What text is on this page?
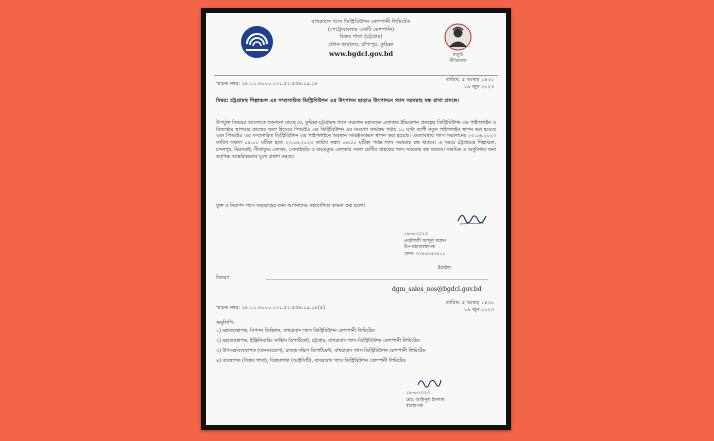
বাখরাবাদ গ্যাস ডিস্ট্রিবিউশন কোম্পানী লিমিটেড
(পেট্রোবাংলার একটি কোম্পানি)
বিক্রয় শাখা (চট্টগ্রাম)
প্রধান কার্যালয়: চাঁপাপুর, কুমিল্লা
www.bgdcl.gov.bd	মজুরি
নীতিমালা
স্মারক নম্বর: ২৮.১১.৩০০০.১০১.৫১.৫৫৬.১৯.১৮
তারিখ: ৫ আষাঢ় ১৪৩০
১৯ জুন ২০২৩
বিষয়: চট্টগ্রামস্থ শিল্পাঞ্চল এর সম্প্রসারিত ডিস্ট্রিবিউশন এর উৎপাদন ছাড়াও উৎপাদনে গ্যাস সরবরাহ বন্ধ রাখা প্রসঙ্গে।
উপর্যুক্ত বিষয়ের আলোকে জানানো যাচ্ছে যে, কুমিল্লা-চট্টগ্রামস্থ গ্যাস সঞ্চালন মহাসড়ক এলাকার ইভিকেশন প্রকল্পের ডিস্ট্রিবিউশন এর পাইপলাইন ও রিজার্ভার স্থাপনের কাজের অংশ হিসেবে পিআইএ এর ডিস্ট্রিবিউশন এর সংযোগ কার্যক্রম পর্যায় ১০ ঘণ্টা ব্যাপী নতুন পাইপলাইন স্থাপন করা হয়েছে এবং পিআইএ এর সম্প্রসারিত ডিস্ট্রিবিউশন এর পাইপলাইনে অবস্থান সামঞ্জস্যকরণ স্থাপন করা হয়েছে। এমতাবস্থায় গ্যাস সঞ্চালনের ২৩.০৬.২০২৩ তারিখ সকাল ০৯:০০ ঘটিকা হতে ২৩.০৬.২০২৩ তারিখ সন্ধ্যা ০৬:০০ ঘটিকা পর্যন্ত গ্যাস সরবরাহ বন্ধ থাকবে। এ সময়ে চট্টগ্রামের শিল্পাঞ্চল, চন্দনপুর, মিরসরাই, সীতাকুণ্ড এলাকা, সোনাইছড়ি ও বাড়বকুণ্ড এলাকায় সকল শ্রেণীর গ্রাহকের গ্যাস সরবরাহ বন্ধ থাকবে। সাময়িক এ অসুবিধার জন্য কর্তৃপক্ষ আন্তরিকভাবে দুঃখ প্রকাশ করছে।
যুক্ত ও নিরাপদ গ্যাস সরবরাহের জন্য আপনাদের সহযোগিতা কামনা করা হলো।
১৯-৬-২০২৩
প্রকৌশলী আব্দুল মান্নান
উপ-মহাব্যবস্থাপক
ফোন: ০২৪৪০৫৩৫১২
ইমেইল:
বিতরণ
dgm_sales_nos@bgdcl.gov.bd
স্মারক নম্বর: ২৮.১১.৩০০০.১০১.৫১.৫৫৬.১৯.১৮(৫)
তারিখ: ৫ আষাঢ় ১৪৩০
১৯ জুন ২০২৩
অনুলিপি:
১) মহাব্যবস্থাপক, বিপণন ডিভিশন, বাখরাবাদ গ্যাস ডিস্ট্রিবিউশন কোম্পানী লিমিটেড
২) মহাব্যবস্থাপক, ইঞ্জিনিয়ারিং সার্ভিস ডিপার্টমেন্ট, চট্টগ্রাম, বাখরাবাদ গ্যাস ডিস্ট্রিবিউশন কোম্পানী লিমিটেড
৩) উপ-মহাব্যবস্থাপক (জনসংযোগ), রাজস্ব দক্ষিণ ডিপার্টমেন্ট, বাখরাবাদ গ্যাস ডিস্ট্রিবিউশন কোম্পানী লিমিটেড
৪) ব্যবস্থাপক (বিক্রয় শাখা), বিক্রয়শাখা (আইসিটি), বাখরাবাদ গ্যাস ডিস্ট্রিবিউশন কোম্পানী লিমিটেড
১৯-৬-২০২৩
মোঃ আমিনুল ইসলাম
ব্যবস্থাপক
